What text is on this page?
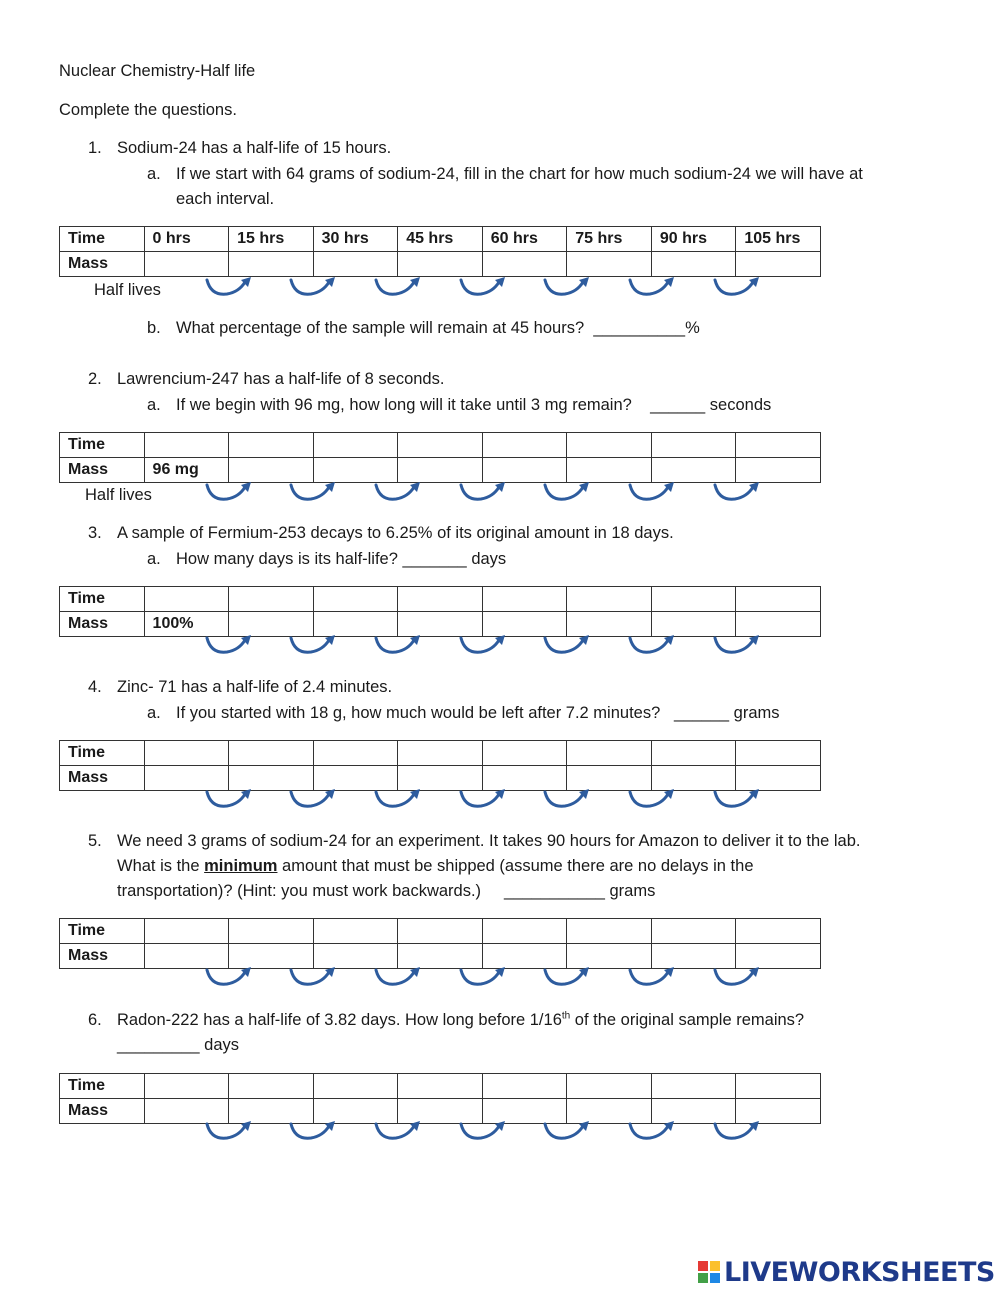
Nuclear Chemistry-Half life
Complete the questions.
1. Sodium-24 has a half-life of 15 hours.
a. If we start with 64 grams of sodium-24, fill in the chart for how much sodium-24 we will have at
each interval.
Time	0 hrs	15 hrs	30 hrs	45 hrs	60 hrs	75 hrs	90 hrs	105 hrs
Mass								
Half lives
b. What percentage of the sample will remain at 45 hours? __________%
2. Lawrencium-247 has a half-life of 8 seconds.
a. If we begin with 96 mg, how long will it take until 3 mg remain? ______ seconds
Time								
Mass	96 mg							
Half lives
3. A sample of Fermium-253 decays to 6.25% of its original amount in 18 days.
a. How many days is its half-life? _______ days
Time								
Mass	100%							
4. Zinc- 71 has a half-life of 2.4 minutes.
a. If you started with 18 g, how much would be left after 7.2 minutes? ______ grams
Time								
Mass								
5. We need 3 grams of sodium-24 for an experiment. It takes 90 hours for Amazon to deliver it to the lab.
What is the minimum amount that must be shipped (assume there are no delays in the
transportation)? (Hint: you must work backwards.) ___________ grams
Time								
Mass								
6. Radon-222 has a half-life of 3.82 days. How long before 1/16th of the original sample remains?
_________ days
Time								
Mass								
LIVEWORKSHEETS
